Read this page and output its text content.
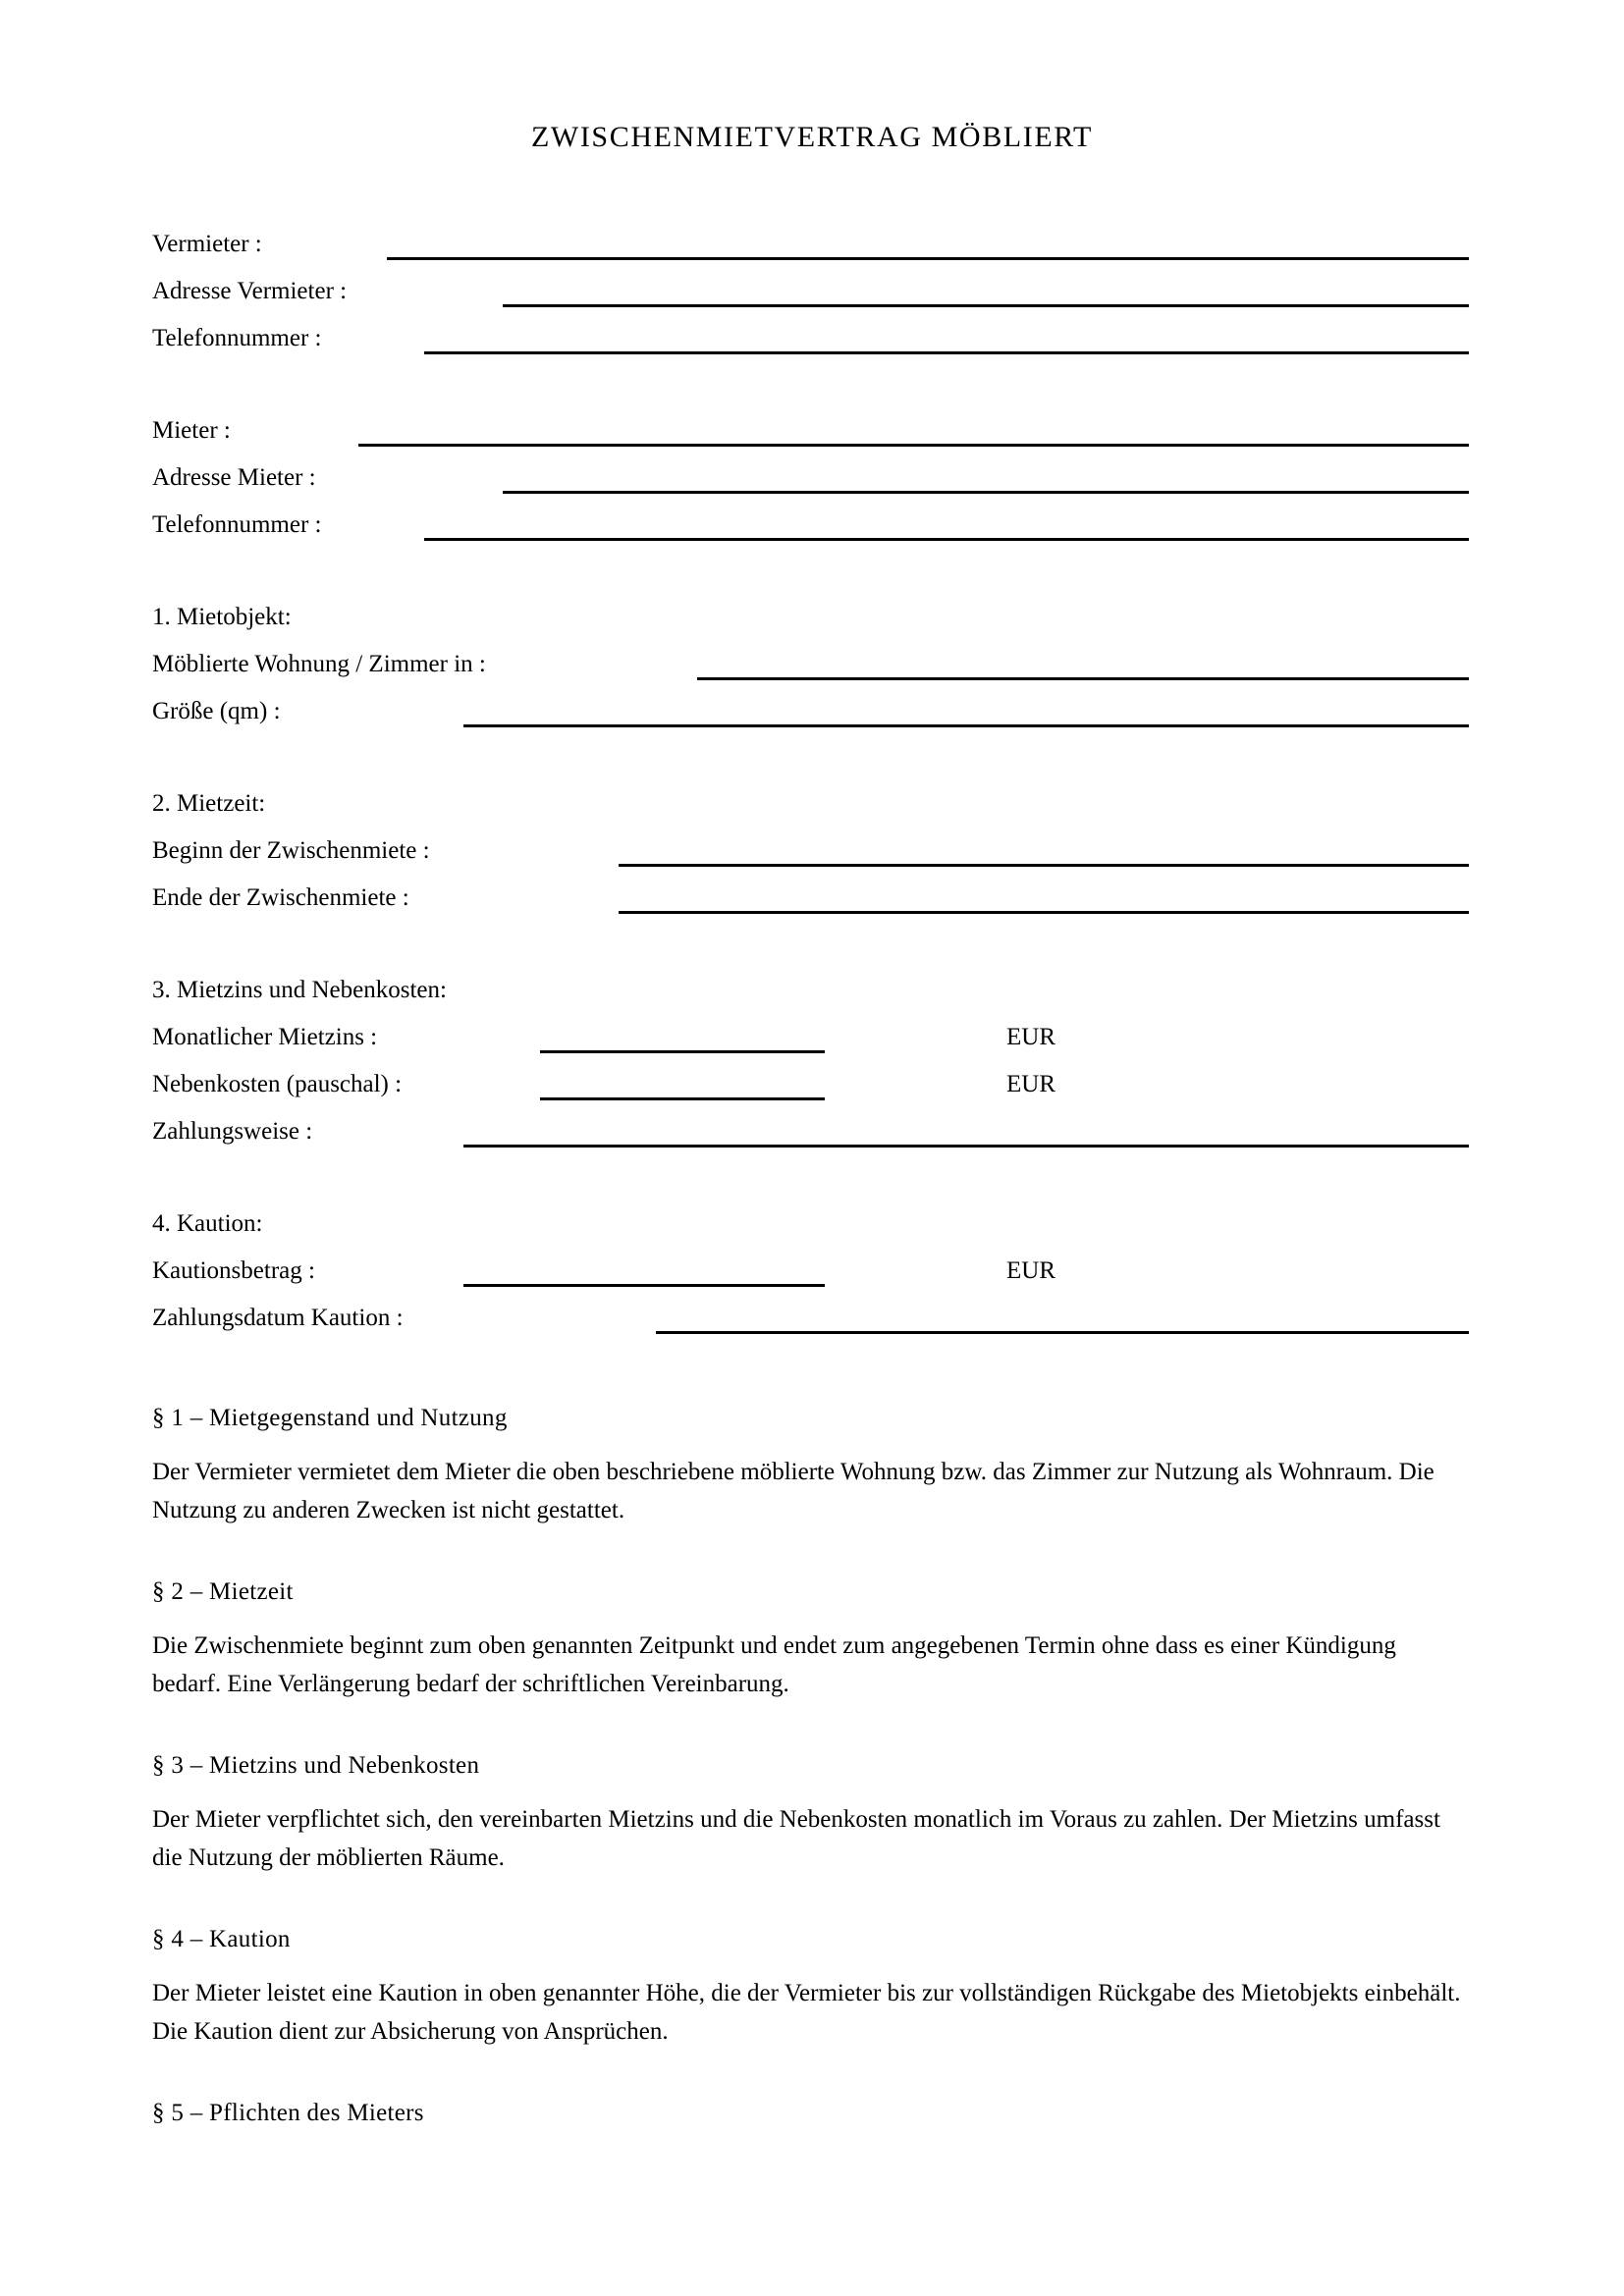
ZWISCHENMIETVERTRAG MÖBLIERT
Vermieter :
Adresse Vermieter :
Telefonnummer :
Mieter :
Adresse Mieter :
Telefonnummer :
1. Mietobjekt:
Möblierte Wohnung / Zimmer in :
Größe (qm) :
2. Mietzeit:
Beginn der Zwischenmiete :
Ende der Zwischenmiete :
3. Mietzins und Nebenkosten:
Monatlicher Mietzins :	EUR
Nebenkosten (pauschal) :	EUR
Zahlungsweise :
4. Kaution:
Kautionsbetrag :	EUR
Zahlungsdatum Kaution :
§ 1 – Mietgegenstand und Nutzung

Der Vermieter vermietet dem Mieter die oben beschriebene möblierte Wohnung bzw. das Zimmer zur Nutzung als Wohnraum. Die Nutzung zu anderen Zwecken ist nicht gestattet.

§ 2 – Mietzeit

Die Zwischenmiete beginnt zum oben genannten Zeitpunkt und endet zum angegebenen Termin ohne dass es einer Kündigung bedarf. Eine Verlängerung bedarf der schriftlichen Vereinbarung.

§ 3 – Mietzins und Nebenkosten

Der Mieter verpflichtet sich, den vereinbarten Mietzins und die Nebenkosten monatlich im Voraus zu zahlen. Der Mietzins umfasst die Nutzung der möblierten Räume.

§ 4 – Kaution

Der Mieter leistet eine Kaution in oben genannter Höhe, die der Vermieter bis zur vollständigen Rückgabe des Mietobjekts einbehält. Die Kaution dient zur Absicherung von Ansprüchen.

§ 5 – Pflichten des Mieters
